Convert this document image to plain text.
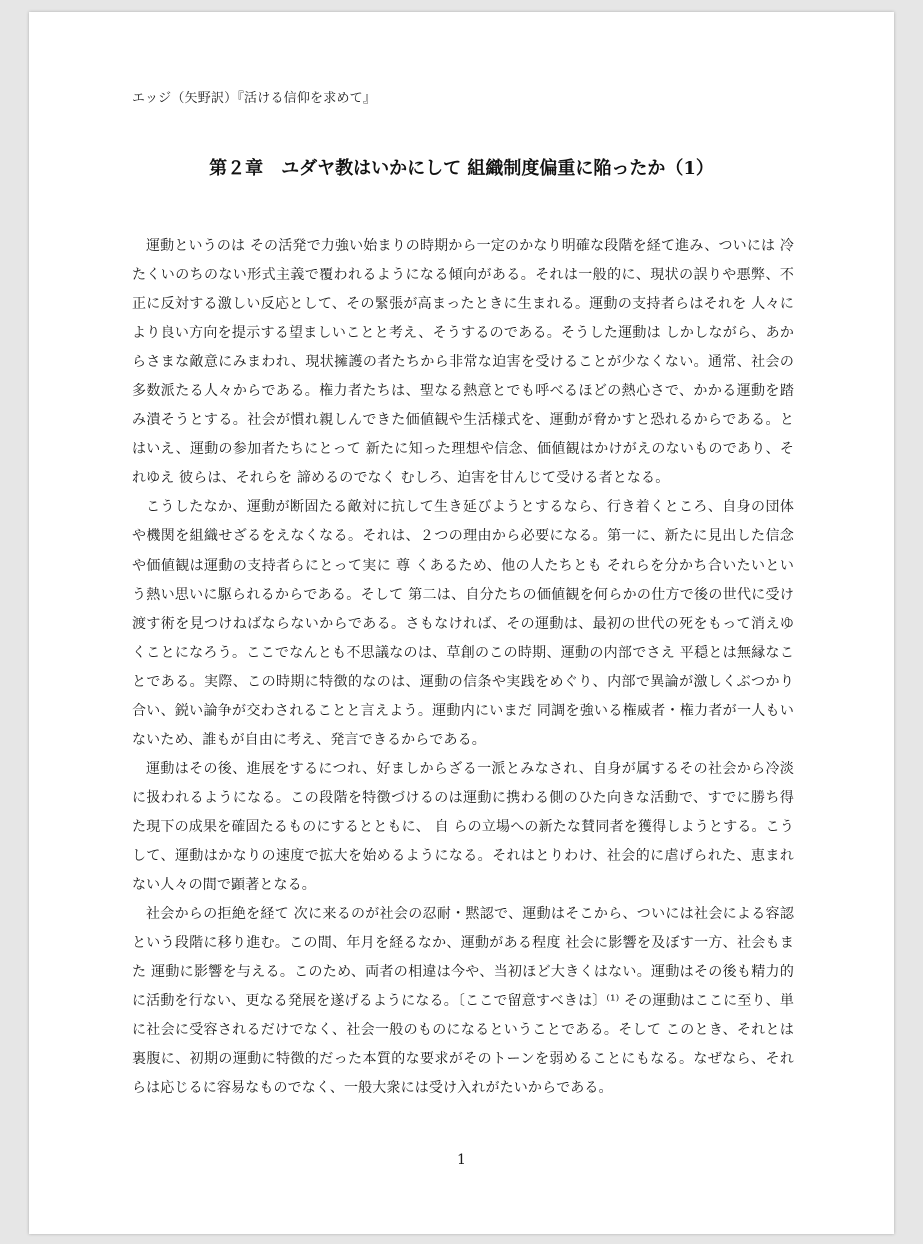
エッジ（矢野訳）『活ける信仰を求めて』
第２章　ユダヤ教はいかにして 組織制度偏重に陥ったか（1）

運動というのは その活発で力強い始まりの時期から一定のかなり明確な段階を経て進み、ついには 冷たくいのちのない形式主義で覆われるようになる傾向がある。それは一般的に、現状の誤りや悪弊、不正に反対する激しい反応として、その緊張が高まったときに生まれる。運動の支持者らはそれを 人々により良い方向を提示する望ましいことと考え、そうするのである。そうした運動は しかしながら、あからさまな敵意にみまわれ、現状擁護の者たちから非常な迫害を受けることが少なくない。通常、社会の多数派たる人々からである。権力者たちは、聖なる熱意とでも呼べるほどの熱心さで、かかる運動を踏み潰そうとする。社会が慣れ親しんできた価値観や生活様式を、運動が脅かすと恐れるからである。とはいえ、運動の参加者たちにとって 新たに知った理想や信念、価値観はかけがえのないものであり、それゆえ 彼らは、それらを 諦めるのでなく むしろ、迫害を甘んじて受ける者となる。

こうしたなか、運動が断固たる敵対に抗して生き延びようとするなら、行き着くところ、自身の団体や機関を組織せざるをえなくなる。それは、２つの理由から必要になる。第一に、新たに見出した信念や価値観は運動の支持者らにとって実に 尊 くあるため、他の人たちとも それらを分かち合いたいという熱い思いに駆られるからである。そして 第二は、自分たちの価値観を何らかの仕方で後の世代に受け渡す術を見つけねばならないからである。さもなければ、その運動は、最初の世代の死をもって消えゆくことになろう。ここでなんとも不思議なのは、草創のこの時期、運動の内部でさえ 平穏とは無縁なことである。実際、この時期に特徴的なのは、運動の信条や実践をめぐり、内部で異論が激しくぶつかり合い、鋭い論争が交わされることと言えよう。運動内にいまだ 同調を強いる権威者・権力者が一人もいないため、誰もが自由に考え、発言できるからである。

運動はその後、進展をするにつれ、好ましからざる一派とみなされ、自身が属するその社会から冷淡に扱われるようになる。この段階を特徴づけるのは運動に携わる側のひた向きな活動で、すでに勝ち得た現下の成果を確固たるものにするとともに、 自 らの立場への新たな賛同者を獲得しようとする。こうして、運動はかなりの速度で拡大を始めるようになる。それはとりわけ、社会的に虐げられた、恵まれない人々の間で顕著となる。

社会からの拒絶を経て 次に来るのが社会の忍耐・黙認で、運動はそこから、ついには社会による容認という段階に移り進む。この間、年月を経るなか、運動がある程度 社会に影響を及ぼす一方、社会もまた 運動に影響を与える。このため、両者の相違は今や、当初ほど大きくはない。運動はその後も精力的に活動を行ない、更なる発展を遂げるようになる。〔ここで留意すべきは〕⁽¹⁾ その運動はここに至り、単に社会に受容されるだけでなく、社会一般のものになるということである。そして このとき、それとは裏腹に、初期の運動に特徴的だった本質的な要求がそのトーンを弱めることにもなる。なぜなら、それらは応じるに容易なものでなく、一般大衆には受け入れがたいからである。

1
